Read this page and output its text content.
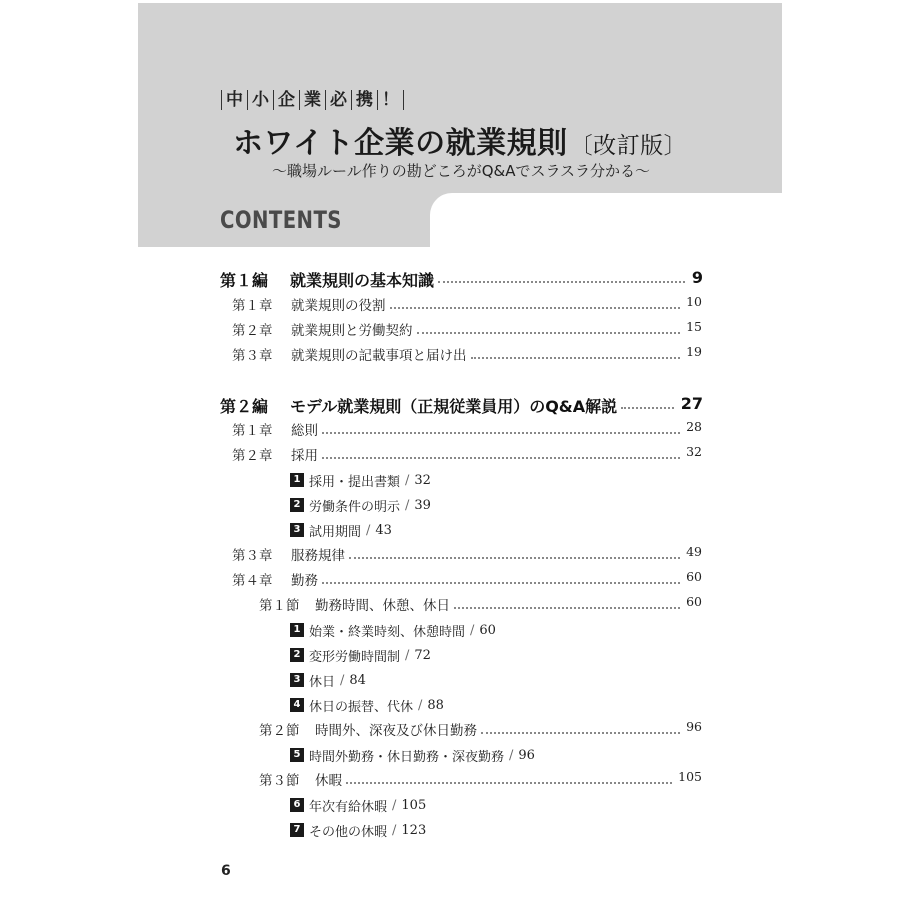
中 小 企 業 必 携 ！
ホワイト企業の就業規則〔改訂版〕
～職場ルール作りの勘どころがQ&Aでスラスラ分かる～
CONTENTS
第１編 就業規則の基本知識	9
第１章 就業規則の役割	10
第２章 就業規則と労働契約	15
第３章 就業規則の記載事項と届け出	19
第２編 モデル就業規則（正規従業員用）のQ&A解説	27
第１章 総則	28
第２章 採用	32
1 採用・提出書類 / 32
2 労働条件の明示 / 39
3 試用期間 / 43
第３章 服務規律	49
第４章 勤務	60
第１節 勤務時間、休憩、休日	60
1 始業・終業時刻、休憩時間 / 60
2 変形労働時間制 / 72
3 休日 / 84
4 休日の振替、代休 / 88
第２節 時間外、深夜及び休日勤務	96
5 時間外勤務・休日勤務・深夜勤務 / 96
第３節 休暇	105
6 年次有給休暇 / 105
7 その他の休暇 / 123
6
